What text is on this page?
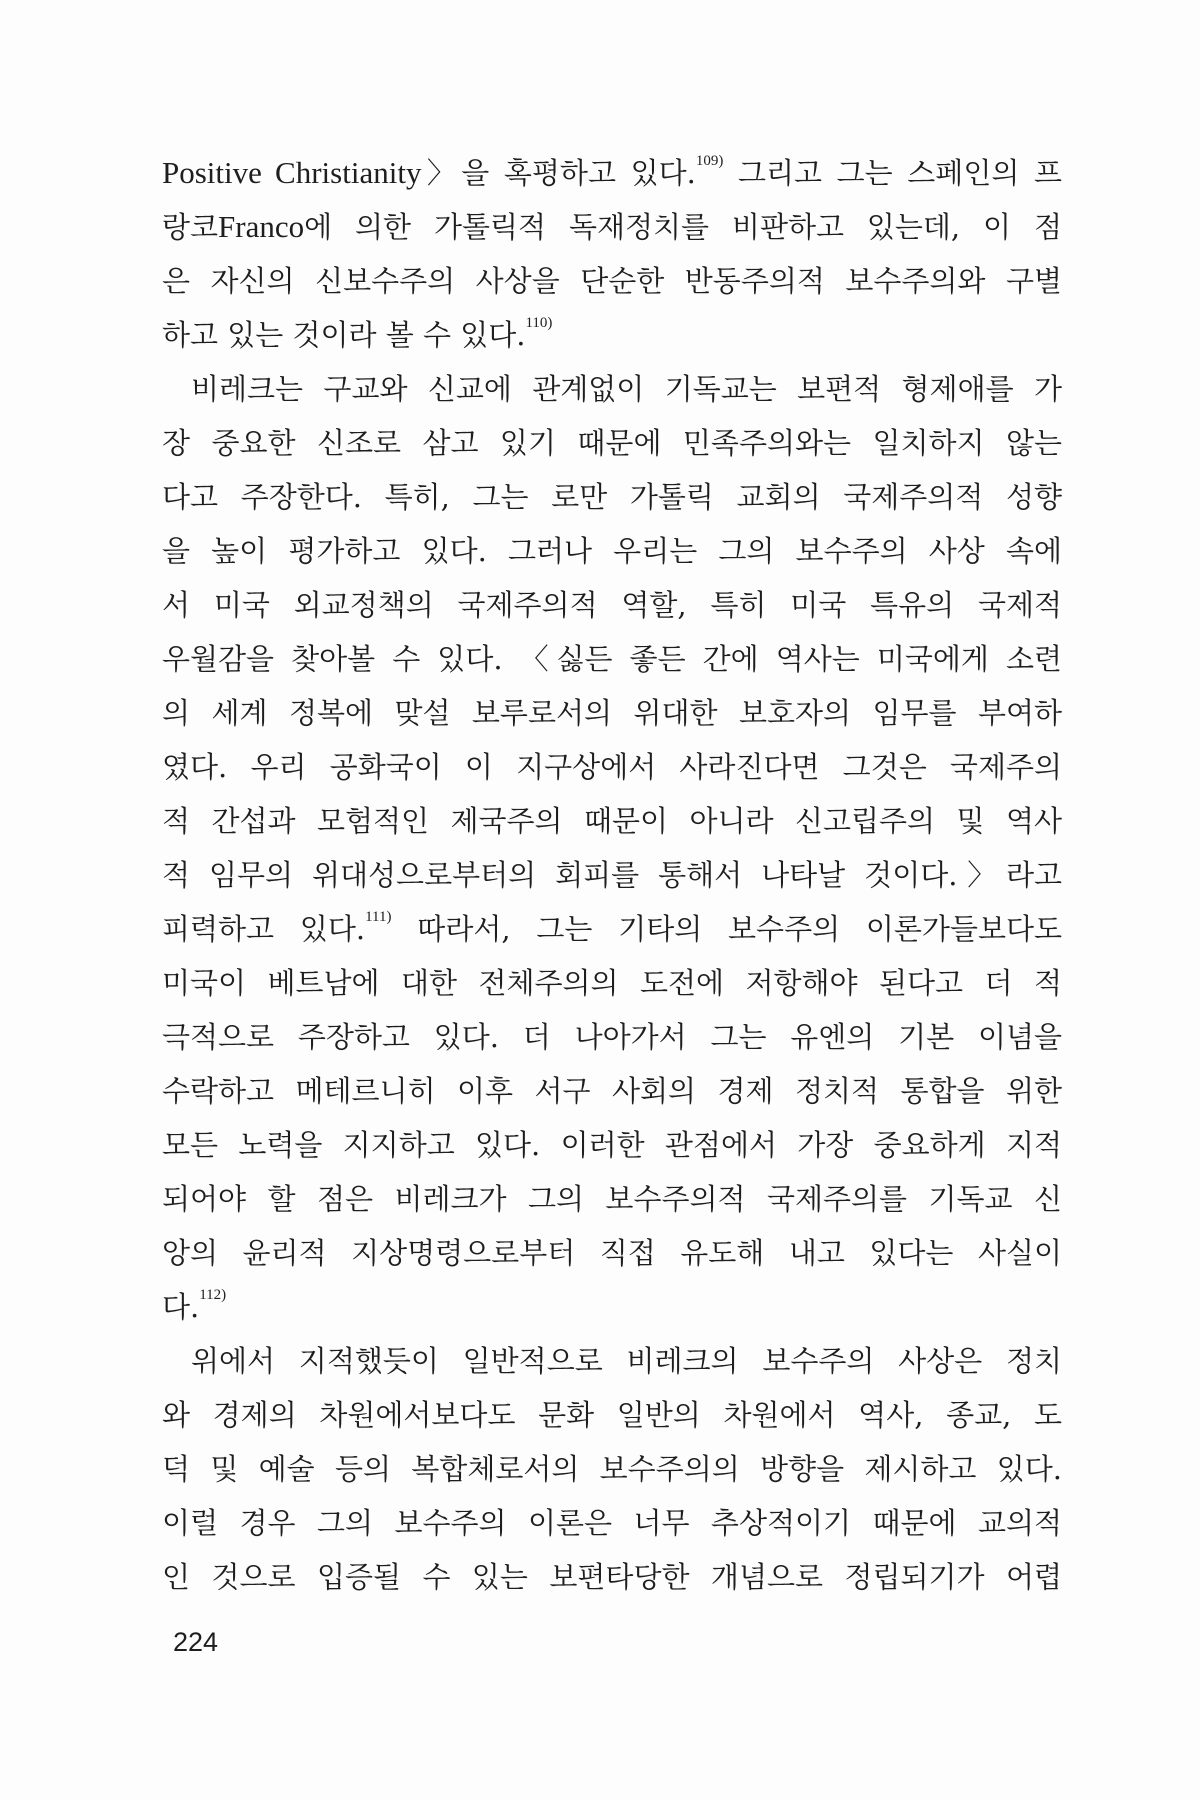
Positive Christianity〉을 혹평하고 있다.$^{109)}$ 그리고 그는 스페인의 프
랑코Franco에 의한 가톨릭적 독재정치를 비판하고 있는데, 이 점
은 자신의 신보수주의 사상을 단순한 반동주의적 보수주의와 구별
하고 있는 것이라 볼 수 있다.$^{110)}$
비레크는 구교와 신교에 관계없이 기독교는 보편적 형제애를 가
장 중요한 신조로 삼고 있기 때문에 민족주의와는 일치하지 않는
다고 주장한다. 특히, 그는 로만 가톨릭 교회의 국제주의적 성향
을 높이 평가하고 있다. 그러나 우리는 그의 보수주의 사상 속에
서 미국 외교정책의 국제주의적 역할, 특히 미국 특유의 국제적
우월감을 찾아볼 수 있다. 〈싫든 좋든 간에 역사는 미국에게 소련
의 세계 정복에 맞설 보루로서의 위대한 보호자의 임무를 부여하
였다. 우리 공화국이 이 지구상에서 사라진다면 그것은 국제주의
적 간섭과 모험적인 제국주의 때문이 아니라 신고립주의 및 역사
적 임무의 위대성으로부터의 회피를 통해서 나타날 것이다.〉라고
피력하고 있다.$^{111)}$ 따라서, 그는 기타의 보수주의 이론가들보다도
미국이 베트남에 대한 전체주의의 도전에 저항해야 된다고 더 적
극적으로 주장하고 있다. 더 나아가서 그는 유엔의 기본 이념을
수락하고 메테르니히 이후 서구 사회의 경제 정치적 통합을 위한
모든 노력을 지지하고 있다. 이러한 관점에서 가장 중요하게 지적
되어야 할 점은 비레크가 그의 보수주의적 국제주의를 기독교 신
앙의 윤리적 지상명령으로부터 직접 유도해 내고 있다는 사실이
다.$^{112)}$
위에서 지적했듯이 일반적으로 비레크의 보수주의 사상은 정치
와 경제의 차원에서보다도 문화 일반의 차원에서 역사, 종교, 도
덕 및 예술 등의 복합체로서의 보수주의의 방향을 제시하고 있다.
이럴 경우 그의 보수주의 이론은 너무 추상적이기 때문에 교의적
인 것으로 입증될 수 있는 보편타당한 개념으로 정립되기가 어렵
224
